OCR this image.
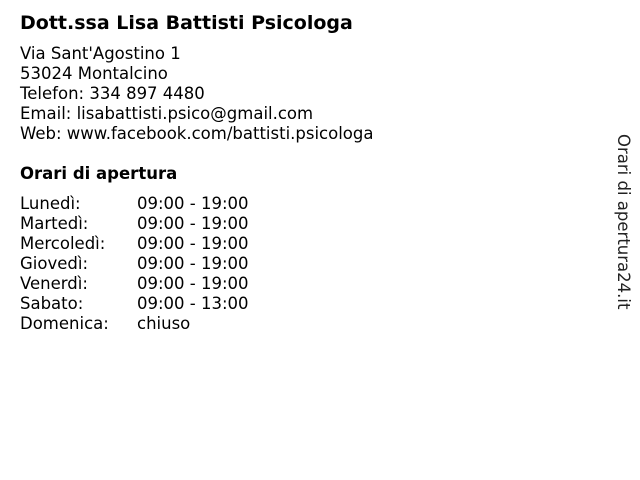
Dott.ssa Lisa Battisti Psicologa
Via Sant'Agostino 1
53024 Montalcino
Telefon: 334 897 4480
Email: lisabattisti.psico@gmail.com
Web: www.facebook.com/battisti.psicologa
Orari di apertura
Lunedì:	09:00 - 19:00
Martedì:	09:00 - 19:00
Mercoledì: 09:00 - 19:00
Giovedì:	09:00 - 19:00
Venerdì:	09:00 - 19:00
Sabato:	09:00 - 13:00
Domenica: chiuso
Orari di apertura24.it
